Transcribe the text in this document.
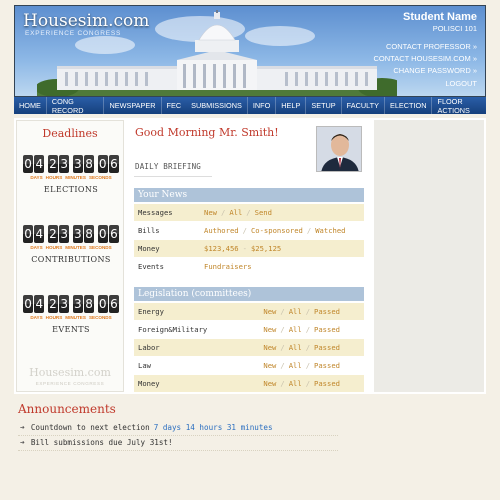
Housesim.com
EXPERIENCE CONGRESS
Student Name
POLISCI 101
CONTACT PROFESSOR »
CONTACT HOUSESIM.COM »
CHANGE PASSWORD »
LOGOUT
HOME	CONG RECORD	NEWSPAPER	FEC	SUBMISSIONS	INFO	HELP	SETUP	FACULTY	ELECTION	FLOOR ACTIONS
Deadlines
0 4 2 3 3 8 0 6
DAYS HOURS MINUTES SECONDS
ELECTIONS
0 4 2 3 3 8 0 6
DAYS HOURS MINUTES SECONDS
CONTRIBUTIONS
0 4 2 3 3 8 0 6
DAYS HOURS MINUTES SECONDS
EVENTS
Housesim.com
EXPERIENCE CONGRESS
Good Morning Mr. Smith!
DAILY BRIEFING
Your News
Messages	New / All / Send
Bills	Authored / Co-sponsored / Watched
Money	$123,456 - $25,125
Events	Fundraisers
Legislation (committees)
Energy	New / All / Passed
Foreign&Military	New / All / Passed
Labor	New / All / Passed
Law	New / All / Passed
Money	New / All / Passed
Announcements
➔ Countdown to next election 7 days 14 hours 31 minutes
➔ Bill submissions due July 31st!
